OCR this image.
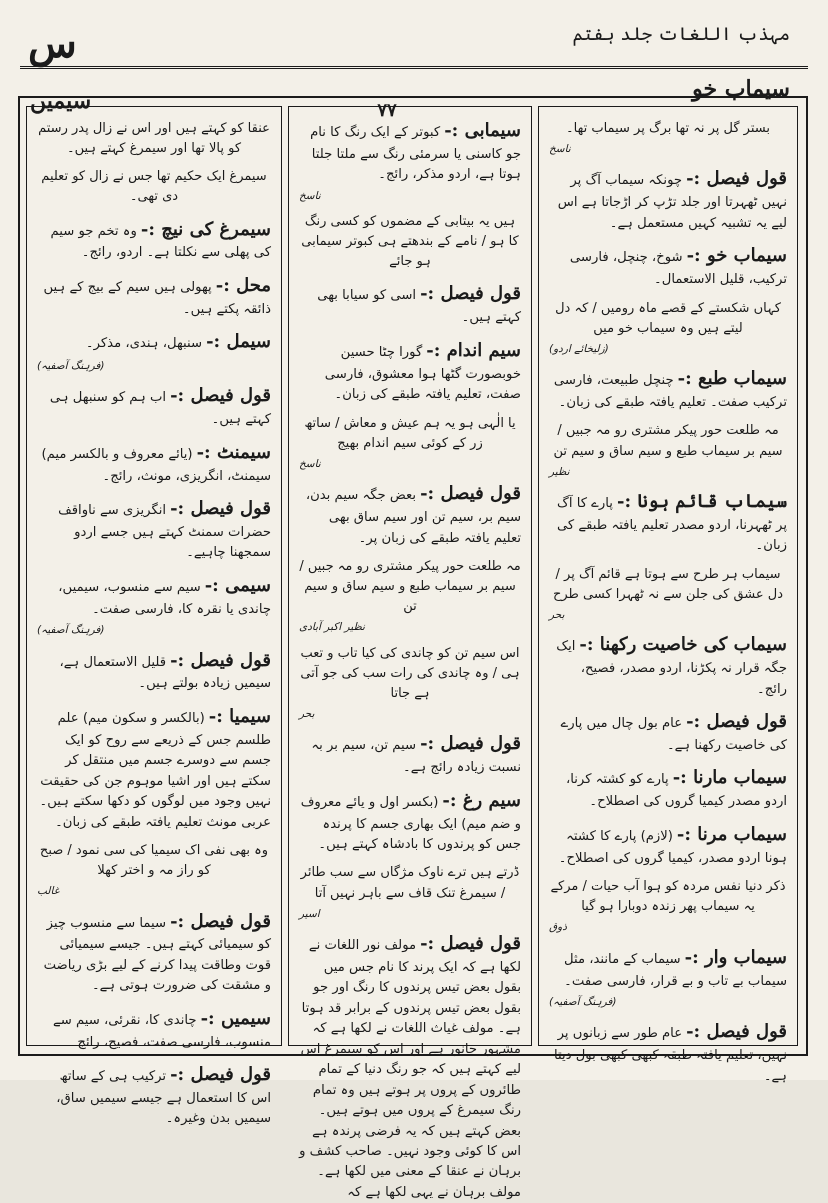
س	مہذب اللغات جلد ہفتم
سیمیں	سیماب خو
٧٧
بستر گل پر نہ تھا برگ پر سیماب تھا۔
ناسخ
قول فیصل :-چونکہ سیماب آگ پر نہیں ٹھہرتا اور جلد تڑپ کر اڑجاتا ہے اس لیے یہ تشبیہ کہیں مستعمل ہے۔
سیماب خو :-شوخ، چنچل، فارسی ترکیب، قلیل الاستعمال۔
کہاں شکستے کے قصے ماہ رومیں / کہ دل لیتے ہیں وہ سیماب خو میں
(زلیخائے اردو)
سیماب طبع :-چنچل طبیعت، فارسی ترکیب صفت۔ تعلیم یافتہ طبقے کی زبان۔
مہ طلعت حور پیکر مشتری رو مہ جبیں / سیم بر سیماب طبع و سیم ساق و سیم تن
نظیر
سیماب قائم ہونا :-پارے کا آگ پر ٹھہرنا، اردو مصدر تعلیم یافتہ طبقے کی زبان۔
سیماب ہر طرح سے ہوتا ہے قائم آگ پر / دل عشق کی جلن سے نہ ٹھہرا کسی طرح
بحر
سیماب کی خاصیت رکھنا :-ایک جگہ قرار نہ پکڑنا، اردو مصدر، فصیح، رائج۔
قول فیصل :-عام بول چال میں پارے کی خاصیت رکھنا ہے۔
سیماب مارنا :-پارے کو کشتہ کرنا، اردو مصدر کیمیا گروں کی اصطلاح۔
سیماب مرنا :-(لازم) پارے کا کشتہ ہونا اردو مصدر، کیمیا گروں کی اصطلاح۔
ذکر دنیا نفس مردہ کو ہوا آب حیات / مرکے یہ سیماب پھر زندہ دوبارا ہو گیا
ذوق
سیماب وار :-سیماب کے مانند، مثل سیماب بے تاب و بے قرار، فارسی صفت۔
(فرہنگ آصفیہ)
قول فیصل :-عام طور سے زبانوں پر نہیں، تعلیم یافتہ طبقہ کبھی کبھی بول دیتا ہے۔
سیمابی :-کبوتر کے ایک رنگ کا نام جو کاسنی یا سرمئی رنگ سے ملتا جلتا ہوتا ہے، اردو مذکر، رائج۔
ناسخ
ہیں یہ بیتابی کے مضموں کو کسی رنگ کا ہو / نامے کے بندھتے ہی کبوتر سیمابی ہو جائے
قول فیصل :-اسی کو سیابا بھی کہتے ہیں۔
سیم اندام :-گورا چٹا حسین خوبصورت گٹھا ہوا معشوق، فارسی صفت، تعلیم یافتہ طبقے کی زبان۔
یا الٰہی ہو یہ ہم عیش و معاش / ساتھ زر کے کوئی سیم اندام بھیج
ناسخ
قول فیصل :-بعض جگہ سیم بدن، سیم بر، سیم تن اور سیم ساق بھی تعلیم یافتہ طبقے کی زبان پر۔
مہ طلعت حور پیکر مشتری رو مہ جبیں / سیم بر سیماب طبع و سیم ساق و سیم تن
نظیر اکبر آبادی
اس سیم تن کو چاندی کی کیا تاب و تعب ہی / وہ چاندی کی رات سب کی جو آتی ہے جاتا
بحر
قول فیصل :-سیم تن، سیم بر بہ نسبت زیادہ رائج ہے۔
سیم رغ :-(بکسر اول و یائے معروف و ضم میم) ایک بھاری جسم کا پرندہ جس کو پرندوں کا بادشاہ کہتے ہیں۔
ڈرتے ہیں ترے ناوک مژگاں سے سب طائر / سیمرغ تنک قاف سے باہر نہیں آتا
اسیر
قول فیصل :-مولف نور اللغات نے لکھا ہے کہ ایک پرند کا نام جس میں بقول بعض تیس پرندوں کا رنگ اور جو بقول بعض تیس پرندوں کے برابر قد ہوتا ہے۔ مولف غیاث اللغات نے لکھا ہے کہ مشہور جانور ہے اور اس کو سیمرغ اس لیے کہتے ہیں کہ جو رنگ دنیا کے تمام طائروں کے پروں پر ہوتے ہیں وہ تمام رنگ سیمرغ کے پروں میں ہوتے ہیں۔ بعض کہتے ہیں کہ یہ فرضی پرندہ ہے اس کا کوئی وجود نہیں۔ صاحب کشف و برہان نے عنقا کے معنی میں لکھا ہے۔ مولف برہان نے یہی لکھا ہے کہ
عنقا کو کہتے ہیں اور اس نے زال پدر رستم کو پالا تھا اور سیمرغ کہتے ہیں۔
سیمرغ ایک حکیم تھا جس نے زال کو تعلیم دی تھی۔
سیمرغ کی نیچ :-وہ تخم جو سیم کی پھلی سے نکلتا ہے۔ اردو، رائج۔
محل :-پھولی ہیں سیم کے بیج کے ہیں ذائقہ پکتے ہیں۔
سیمل :-سنبھل، ہندی، مذکر۔
(فرہنگ آصفیہ)
قول فیصل :-اب ہم کو سنبھل ہی کہتے ہیں۔
سیمنٹ :-(یائے معروف و بالکسر میم) سیمنٹ، انگریزی، مونث، رائج۔
قول فیصل :-انگریزی سے ناواقف حضرات سمنٹ کہتے ہیں جسے اردو سمجھنا چاہیے۔
سیمی :-سیم سے منسوب، سیمیں، چاندی یا نقرہ کا، فارسی صفت۔
(فرہنگ آصفیہ)
قول فیصل :-قلیل الاستعمال ہے، سیمیں زیادہ بولتے ہیں۔
سیمیا :-(بالکسر و سکون میم) علم طلسم جس کے ذریعے سے روح کو ایک جسم سے دوسرے جسم میں منتقل کر سکتے ہیں اور اشیا موہوم جن کی حقیقت نہیں وجود میں لوگوں کو دکھا سکتے ہیں۔ عربی مونث تعلیم یافتہ طبقے کی زبان۔
وہ بھی نفی اک سیمیا کی سی نمود / صبح کو راز مہ و اختر کھلا
غالب
قول فیصل :-سیما سے منسوب چیز کو سیمیائی کہتے ہیں۔ جیسے سیمیائی قوت وطاقت پیدا کرنے کے لیے بڑی ریاضت و مشقت کی ضرورت ہوتی ہے۔
سیمیں :-چاندی کا، نقرئی، سیم سے منسوب، فارسی صفت، فصیح، رائج۔
قول فیصل :-ترکیب ہی کے ساتھ اس کا استعمال ہے جیسے سیمیں ساق، سیمیں بدن وغیرہ۔
